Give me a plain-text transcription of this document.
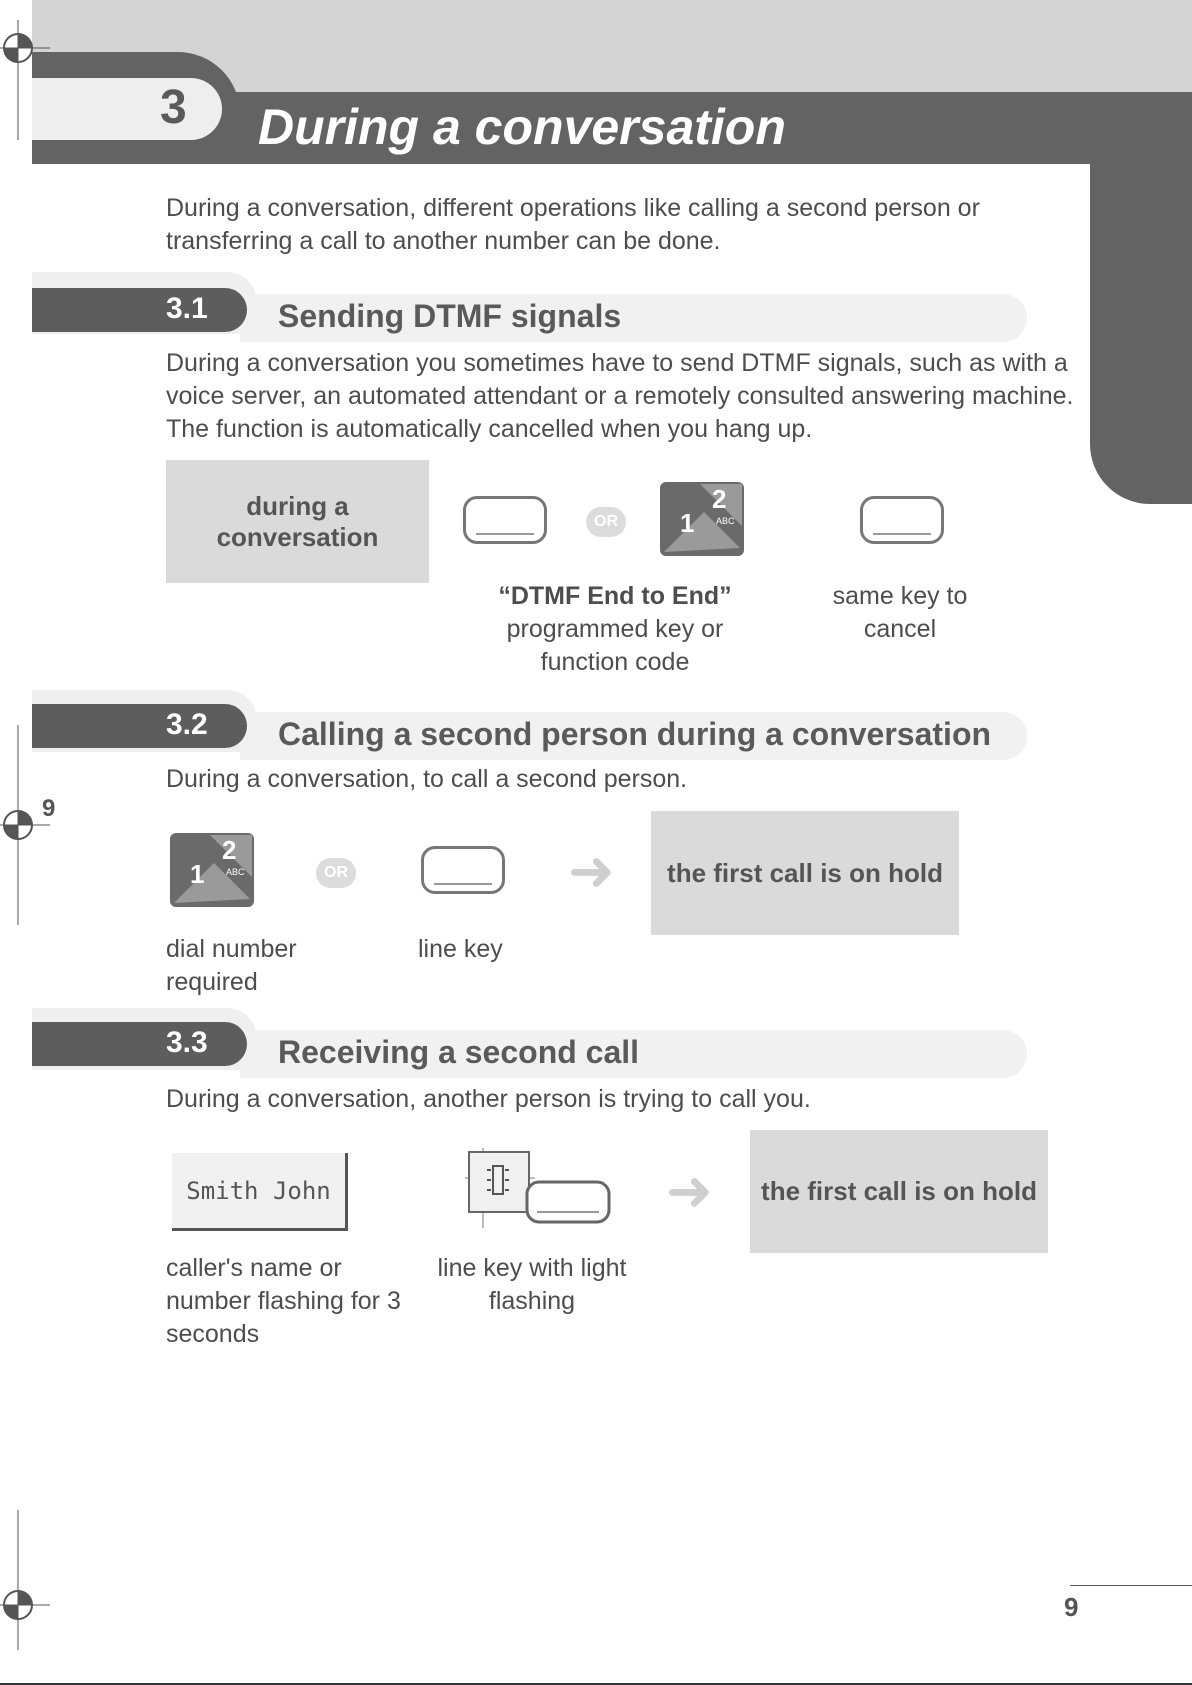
3 During a conversation
9
During a conversation, different operations like calling a second person or transferring a call to another number can be done.
3.1 Sending DTMF signals
During a conversation you sometimes have to send DTMF signals, such as with a voice server, an automated attendant or a remotely consulted answering machine. The function is automatically cancelled when you hang up.
during a conversation	OR	1
2
ABC
“DTMF End to End”
programmed key or function code
same key to cancel
3.2 Calling a second person during a conversation
During a conversation, to call a second person.
1
2
ABC	OR	➜	the first call is on hold
dial number required
line key
3.3 Receiving a second call
During a conversation, another person is trying to call you.
Smith John	➜	the first call is on hold
caller's name or number flashing for 3 seconds
line key with light flashing
9
